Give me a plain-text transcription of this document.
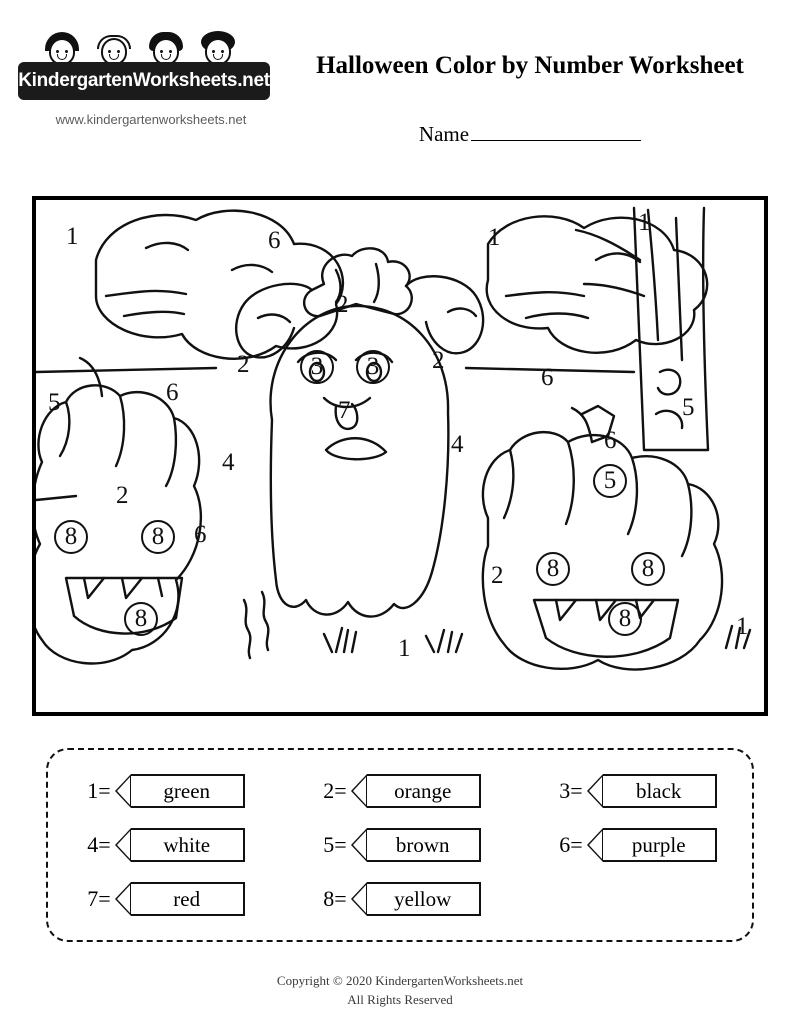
KindergartenWorksheets.net
www.kindergartenworksheets.net
Halloween Color by Number Worksheet
Name
1	6	1
1
2
2	3	3	2
6
5	6
7	5
4	6
4
5
2
8	8	6
2	8	8
8	8
1
1
1=	green	2=	orange	3=	black
4=	white	5=	brown	6=	purple
7=	red	8=	yellow
Copyright © 2020 KindergartenWorksheets.net
All Rights Reserved
